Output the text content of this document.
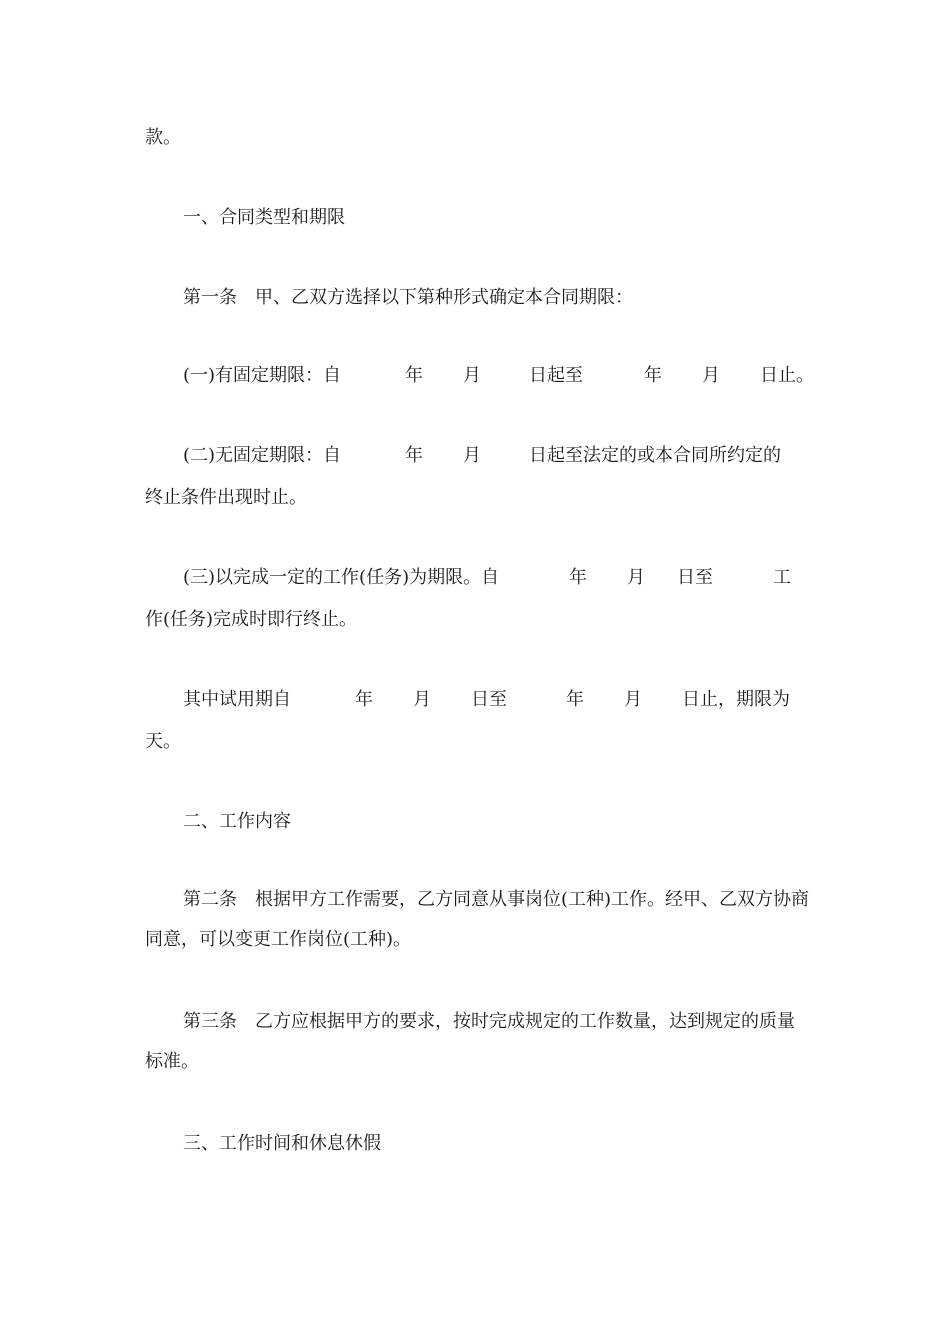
款。

一、合同类型和期限

第一条　甲、乙双方选择以下第种形式确定本合同期限：

(一)有固定期限：自	年 月	日起至	年 月 日止。
(二)无固定期限：自	年 月	日起至法定的或本合同所约定的
终止条件出现时止。
(三)以完成一定的工作(任务)为期限。自	年 月 日至	工
作(任务)完成时即行终止。
其中试用期自	年 月 日至	年 月 日止，期限为
天。

二、工作内容

第二条　根据甲方工作需要，乙方同意从事岗位(工种)工作。经甲、乙双方协商同意，可以变更工作岗位(工种)。

第三条　乙方应根据甲方的要求，按时完成规定的工作数量，达到规定的质量标准。

三、工作时间和休息休假
